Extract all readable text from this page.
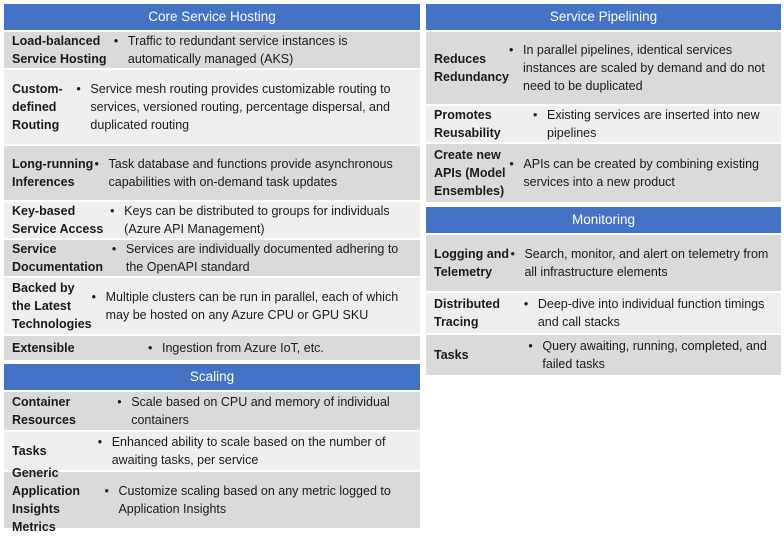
Core Service Hosting
Load-balanced Service Hosting
• Traffic to redundant service instances is automatically managed (AKS)
Custom-defined Routing
• Service mesh routing provides customizable routing to services, versioned routing, percentage dispersal, and duplicated routing
Long-running Inferences
• Task database and functions provide asynchronous capabilities with on-demand task updates
Key-based Service Access
• Keys can be distributed to groups for individuals (Azure API Management)
Service Documentation
• Services are individually documented adhering to the OpenAPI standard
Backed by the Latest Technologies
• Multiple clusters can be run in parallel, each of which may be hosted on any Azure CPU or GPU SKU
Extensible	• Ingestion from Azure IoT, etc.
Scaling
Container Resources
• Scale based on CPU and memory of individual containers
Tasks
• Enhanced ability to scale based on the number of awaiting tasks, per service
Generic Application Insights Metrics
• Customize scaling based on any metric logged to Application Insights
Service Pipelining
Reduces Redundancy
• In parallel pipelines, identical services instances are scaled by demand and do not need to be duplicated
Promotes Reusability
• Existing services are inserted into new pipelines
Create new APIs (Model Ensembles)
• APIs can be created by combining existing services into a new product
Monitoring
Logging and Telemetry
• Search, monitor, and alert on telemetry from all infrastructure elements
Distributed Tracing
• Deep-dive into individual function timings and call stacks
Tasks
• Query awaiting, running, completed, and failed tasks
